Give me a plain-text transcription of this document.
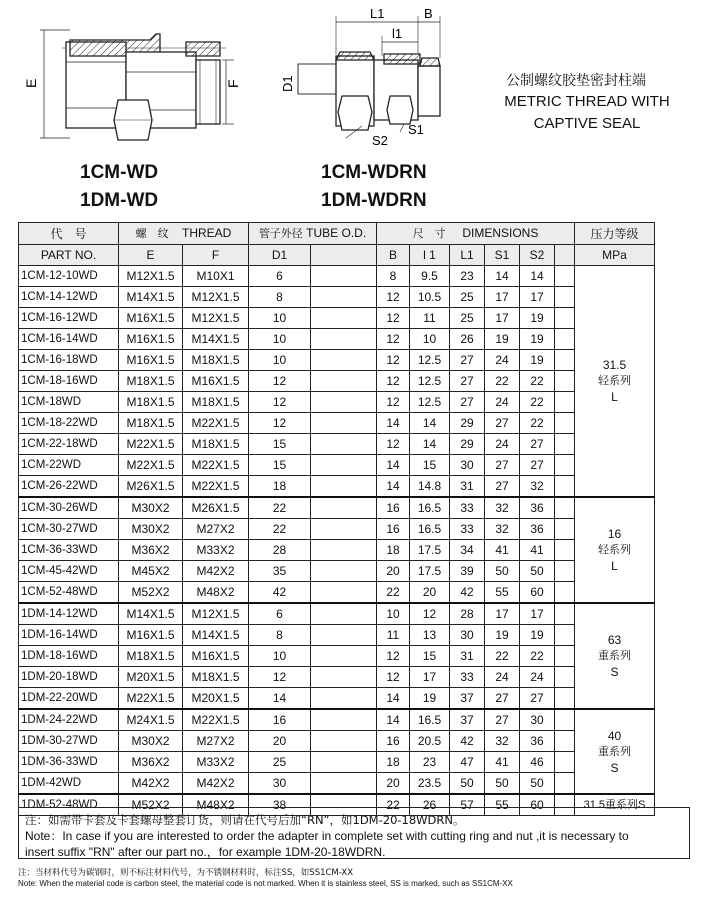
E	F
L1	B
l1
D1
S2
S1
公制螺纹胶垫密封柱端
METRIC THREAD WITH
CAPTIVE SEAL
1CM-WD
1DM-WD
1CM-WDRN
1DM-WDRN
代　号	螺　纹 THREAD		管子外径 TUBE O.D.		尺　寸 DIMENSIONS						压力等级
PART NO.	E	F	D1		B	l 1	L1	S1	S2		MPa
1CM-12-10WD	M12X1.5	M10X1	6		8	9.5	23	14	14		31.5
轻系列
L

1CM-14-12WD	M14X1.5	M12X1.5	8		12	10.5	25	17	17		
1CM-16-12WD	M16X1.5	M12X1.5	10		12	11	25	17	19		
1CM-16-14WD	M16X1.5	M14X1.5	10		12	10	26	19	19		
1CM-16-18WD	M16X1.5	M18X1.5	10		12	12.5	27	24	19		
1CM-18-16WD	M18X1.5	M16X1.5	12		12	12.5	27	22	22		
1CM-18WD	M18X1.5	M18X1.5	12		12	12.5	27	24	22		
1CM-18-22WD	M18X1.5	M22X1.5	12		14	14	29	27	22		
1CM-22-18WD	M22X1.5	M18X1.5	15		12	14	29	24	27		
1CM-22WD	M22X1.5	M22X1.5	15		14	15	30	27	27		
1CM-26-22WD	M26X1.5	M22X1.5	18		14	14.8	31	27	32		
1CM-30-26WD	M30X2	M26X1.5	22		16	16.5	33	32	36		16
轻系列
L

1CM-30-27WD	M30X2	M27X2	22		16	16.5	33	32	36		
1CM-36-33WD	M36X2	M33X2	28		18	17.5	34	41	41		
1CM-45-42WD	M45X2	M42X2	35		20	17.5	39	50	50		
1CM-52-48WD	M52X2	M48X2	42		22	20	42	55	60		
1DM-14-12WD	M14X1.5	M12X1.5	6		10	12	28	17	17		63
重系列
S

1DM-16-14WD	M16X1.5	M14X1.5	8		11	13	30	19	19		
1DM-18-16WD	M18X1.5	M16X1.5	10		12	15	31	22	22		
1DM-20-18WD	M20X1.5	M18X1.5	12		12	17	33	24	24		
1DM-22-20WD	M22X1.5	M20X1.5	14		14	19	37	27	27		
1DM-24-22WD	M24X1.5	M22X1.5	16		14	16.5	37	27	30		40
重系列
S

1DM-30-27WD	M30X2	M27X2	20		16	20.5	42	32	36		
1DM-36-33WD	M36X2	M33X2	25		18	23	47	41	46		
1DM-42WD	M42X2	M42X2	30		20	23.5	50	50	50		
1DM-52-48WD	M52X2	M48X2	38		22	26	57	55	60		31.5重系列S
注：如需带卡套及卡套螺母整套订货，则请在代号后加“RN”，如1DM-20-18WDRN。
Note：In case if you are interested to order the adapter in complete set with cutting ring and nut ,it is necessary to
insert suffix "RN" after our part no.，for example 1DM-20-18WDRN.
注：当材料代号为碳钢时，则不标注材料代号，为不锈钢材料时，标注SS，如SS1CM-XX
Note: When the material code is carbon steel, the material code is not marked. When it is stainless steel, SS is marked, such as SS1CM-XX
